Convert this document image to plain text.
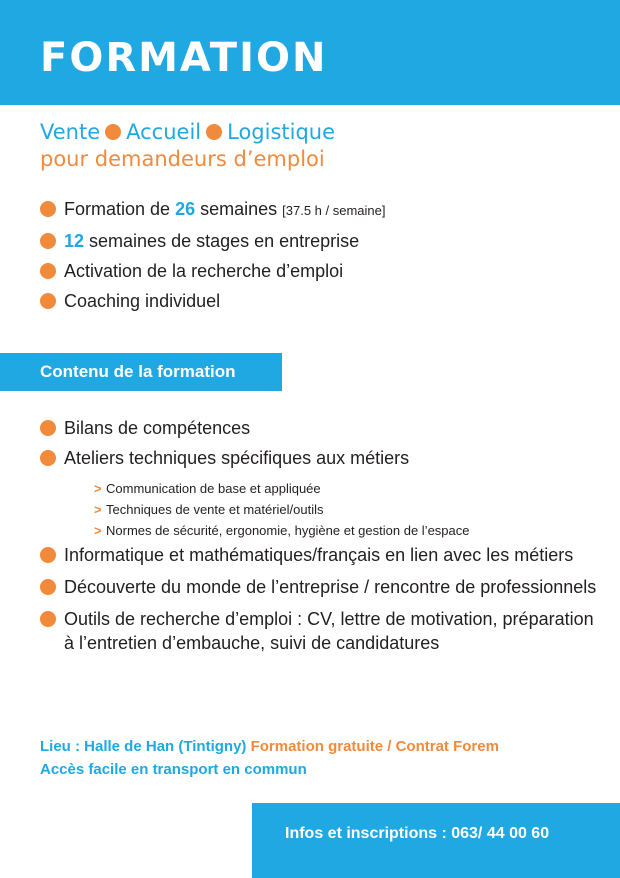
FORMATION
Vente Accueil Logistique
pour demandeurs d’emploi
Formation de 26 semaines [37.5 h / semaine]
12 semaines de stages en entreprise
Activation de la recherche d’emploi
Coaching individuel
Contenu de la formation
Bilans de compétences
Ateliers techniques spécifiques aux métiers
> Communication de base et appliquée
> Techniques de vente et matériel/outils
> Normes de sécurité, ergonomie, hygiène et gestion de l’espace
Informatique et mathématiques/français en lien avec les métiers
Découverte du monde de l’entreprise / rencontre de professionnels
Outils de recherche d’emploi : CV, lettre de motivation, préparation à l’entretien d’embauche, suivi de candidatures
Lieu : Halle de Han (Tintigny) Formation gratuite / Contrat Forem
Accès facile en transport en commun
Infos et inscriptions : 063/ 44 00 60
